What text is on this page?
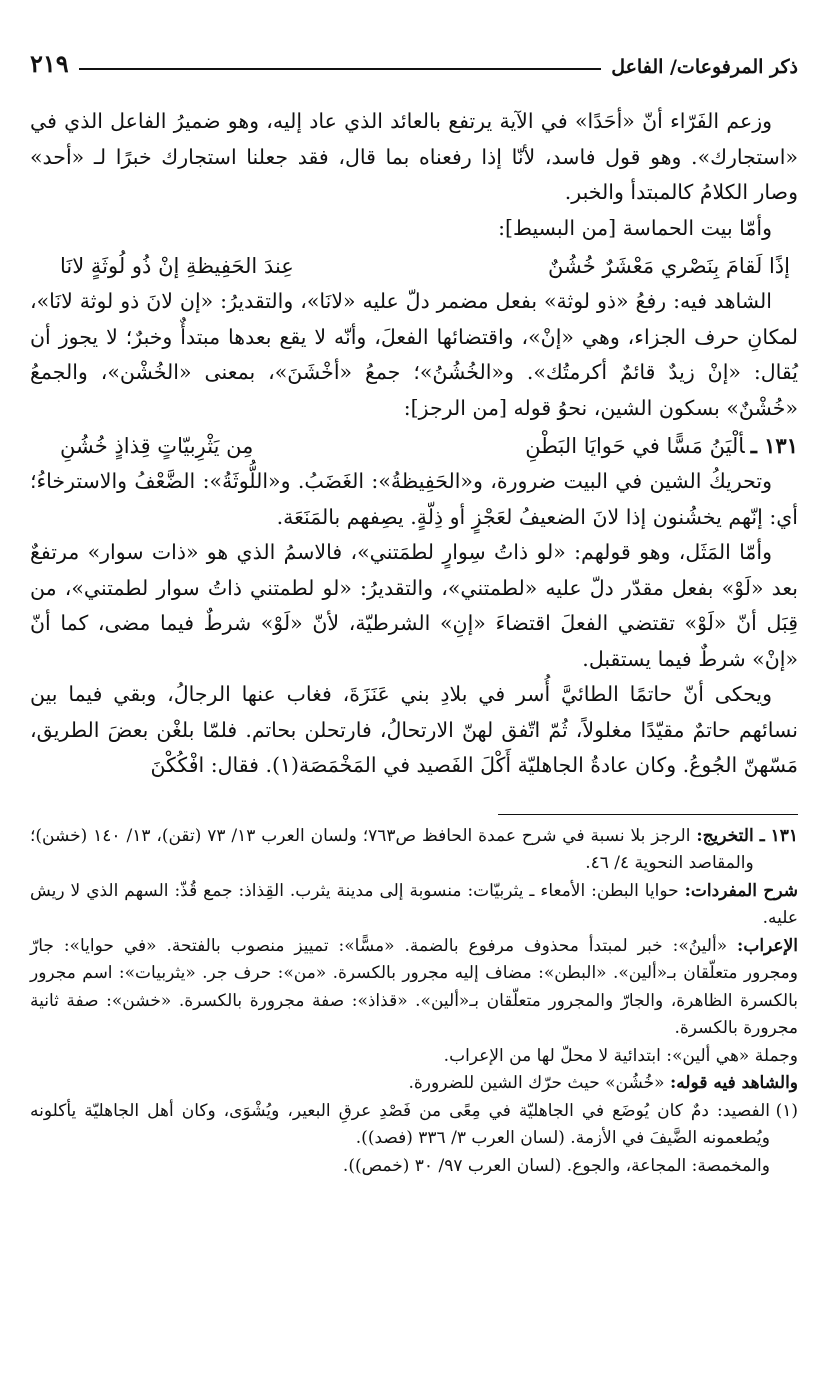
ذكر المرفوعات/ الفاعل
٢١٩

وزعم الفَرّاء أنّ «أحَدًا» في الآية يرتفع بالعائد الذي عاد إليه، وهو ضميرُ الفاعل الذي في «استجارك». وهو قول فاسد، لأنّا إذا رفعناه بما قال، فقد جعلنا استجارك خبرًا لـ «أحد» وصار الكلامُ كالمبتدأ والخبر.

وأمّا بيت الحماسة [من البسيط]:

إذًا لَقامَ بِنَصْري مَعْشَرٌ خُشُنٌ
عِندَ الحَفِيظةِ إنْ ذُو لُوثَةٍ لانَا

الشاهد فيه: رفعُ «ذو لوثة» بفعل مضمر دلّ عليه «لانَا»، والتقديرُ: «إن لانَ ذو لوثة لانَا»، لمكانِ حرف الجزاء، وهي «إنْ»، واقتضائها الفعلَ، وأنّه لا يقع بعدها مبتدأٌ وخبرٌ؛ لا يجوز أن يُقال: «إنْ زيدٌ قائمٌ أكرمتُك». و«الخُشُنُ»؛ جمعُ «أخْشَنَ»، بمعنى «الخُشْن»، والجمعُ «خُشْنٌ» بسكون الشين، نحوُ قوله [من الرجز]:

١٣١ ـألْيَنُ مَسًّا في حَوايَا البَطْنِ
مِن يَثْرِبيّاتٍ قِذاذٍ خُشُنِ

وتحريكُ الشين في البيت ضرورة، و«الحَفِيظةُ»: الغَضَبُ. و«اللُّوثَةُ»: الضَّعْفُ والاسترخاءُ؛ أي: إنّهم يخشُنون إذا لانَ الضعيفُ لعَجْزٍ أو ذِلّةٍ. يصِفهم بالمَنَعَة.

وأمّا المَثَل، وهو قولهم: «لو ذاتُ سِوارٍ لطمَتني»، فالاسمُ الذي هو «ذات سوار» مرتفعٌ بعد «لَوْ» بفعل مقدّر دلّ عليه «لطمتني»، والتقديرُ: «لو لطمتني ذاتُ سوار لطمتني»، من قِبَل أنّ «لَوْ» تقتضي الفعلَ اقتضاءَ «إنِ» الشرطيّة، لأنّ «لَوْ» شرطٌ فيما مضى، كما أنّ «إنْ» شرطٌ فيما يستقبل.

ويحكى أنّ حاتمًا الطائيَّ أُسر في بلادِ بني عَنَزَةَ، فغاب عنها الرجالُ، وبقي فيما بين نسائهم حاتمٌ مقيّدًا مغلولاً، ثُمّ اتّفق لهنّ الارتحالُ، فارتحلن بحاتم. فلمّا بلغْن بعضَ الطريق، مَسّهنّ الجُوعُ. وكان عادةُ الجاهليّة أَكْلَ الفَصيد في المَخْمَصَة(١). فقال: افْكُكْنَ

١٣١ ـ
التخريج: الرجز بلا نسبة في شرح عمدة الحافظ ص٧٦٣؛ ولسان العرب ١٣/ ٧٣ (تقن)، ١٣/ ١٤٠ (خشن)؛ والمقاصد النحوية ٤/ ٤٦.

شرح المفردات: حوايا البطن: الأمعاء ـ يثربيّات: منسوبة إلى مدينة يثرب. القِذاذ: جمع قُذّ: السهم الذي لا ريش عليه.

الإعراب: «ألينُ»: خبر لمبتدأ محذوف مرفوع بالضمة. «مسًّا»: تمييز منصوب بالفتحة. «في حوايا»: جارّ ومجرور متعلّقان بـ«ألين». «البطن»: مضاف إليه مجرور بالكسرة. «من»: حرف جر. «يثربيات»: اسم مجرور بالكسرة الظاهرة، والجارّ والمجرور متعلّقان بـ«ألين». «قذاذ»: صفة مجرورة بالكسرة. «خشن»: صفة ثانية مجرورة بالكسرة.

وجملة «هي ألين»: ابتدائية لا محلّ لها من الإعراب.

والشاهد فيه قوله: «خُشُن» حيث حرّك الشين للضرورة.

(١)
الفصيد: دمٌ كان يُوضَع في الجاهليّة في مِعًى من فَصْدِ عرقِ البعير، ويُشْوَى، وكان أهل الجاهليّة يأكلونه ويُطعمونه الضَّيفَ في الأزمة. (لسان العرب ٣/ ٣٣٦ (فصد)).

والمخمصة: المجاعة، والجوع. (لسان العرب ٩٧/ ٣٠ (خمص)).
